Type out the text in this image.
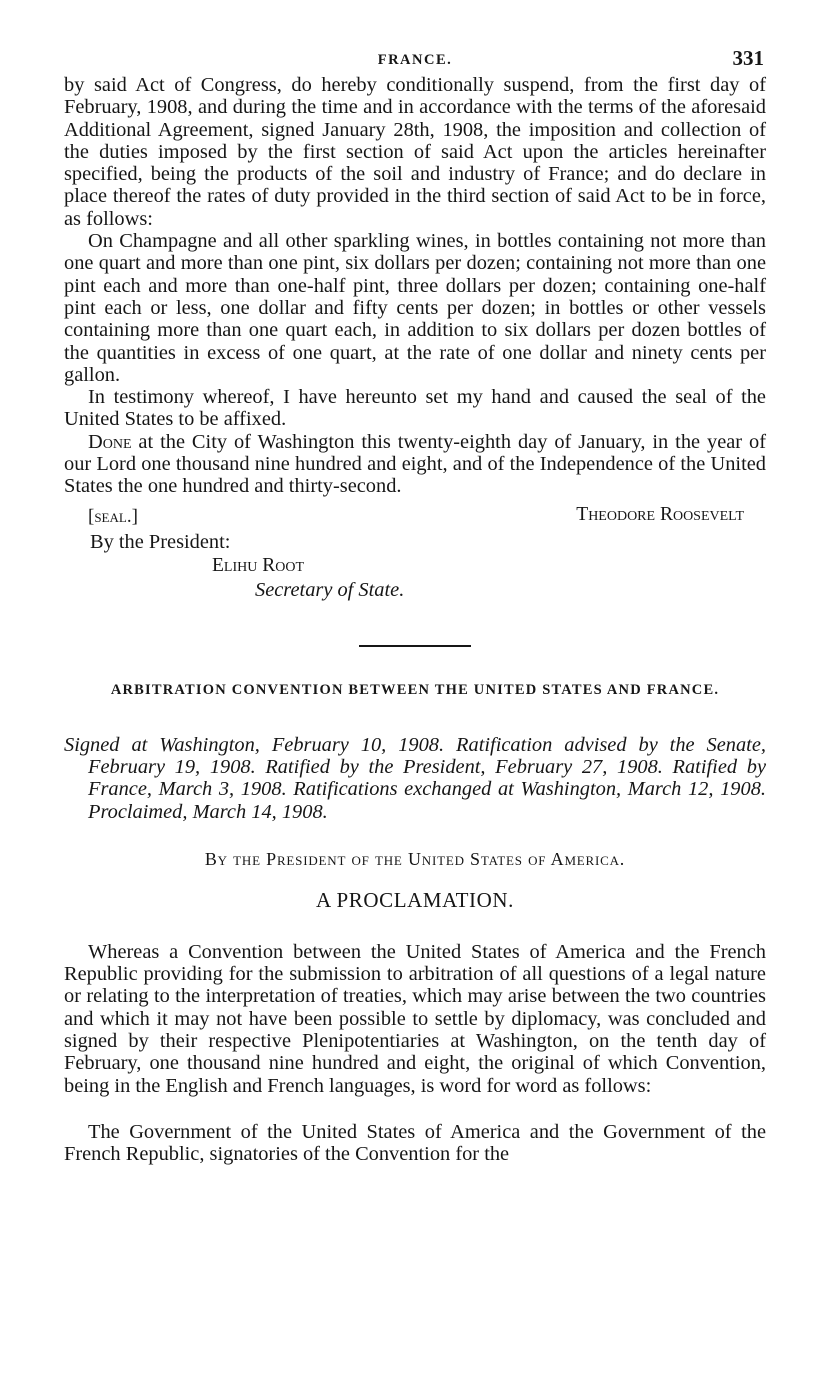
FRANCE.	331

by said Act of Congress, do hereby conditionally suspend, from the first day of February, 1908, and during the time and in accordance with the terms of the aforesaid Additional Agreement, signed January 28th, 1908, the imposition and collection of the duties imposed by the first section of said Act upon the articles hereinafter specified, being the products of the soil and industry of France; and do declare in place thereof the rates of duty provided in the third section of said Act to be in force, as follows:

On Champagne and all other sparkling wines, in bottles containing not more than one quart and more than one pint, six dollars per dozen; containing not more than one pint each and more than one-half pint, three dollars per dozen; containing one-half pint each or less, one dollar and fifty cents per dozen; in bottles or other vessels containing more than one quart each, in addition to six dollars per dozen bottles of the quantities in excess of one quart, at the rate of one dollar and ninety cents per gallon.

In testimony whereof, I have hereunto set my hand and caused the seal of the United States to be affixed.

Done at the City of Washington this twenty-eighth day of January, in the year of our Lord one thousand nine hundred and eight, and of the Independence of the United States the one hundred and thirty-second.

[seal.]	Theodore Roosevelt
By the President:
Elihu Root
Secretary of State.
ARBITRATION CONVENTION BETWEEN THE UNITED STATES AND FRANCE.

Signed at Washington, February 10, 1908. Ratification advised by the Senate, February 19, 1908. Ratified by the President, February 27, 1908. Ratified by France, March 3, 1908. Ratifications exchanged at Washington, March 12, 1908. Proclaimed, March 14, 1908.

By the President of the United States of America.
A PROCLAMATION.

Whereas a Convention between the United States of America and the French Republic providing for the submission to arbitration of all questions of a legal nature or relating to the interpretation of treaties, which may arise between the two countries and which it may not have been possible to settle by diplomacy, was concluded and signed by their respective Plenipotentiaries at Washington, on the tenth day of February, one thousand nine hundred and eight, the original of which Convention, being in the English and French languages, is word for word as follows:

The Government of the United States of America and the Government of the French Republic, signatories of the Convention for the
